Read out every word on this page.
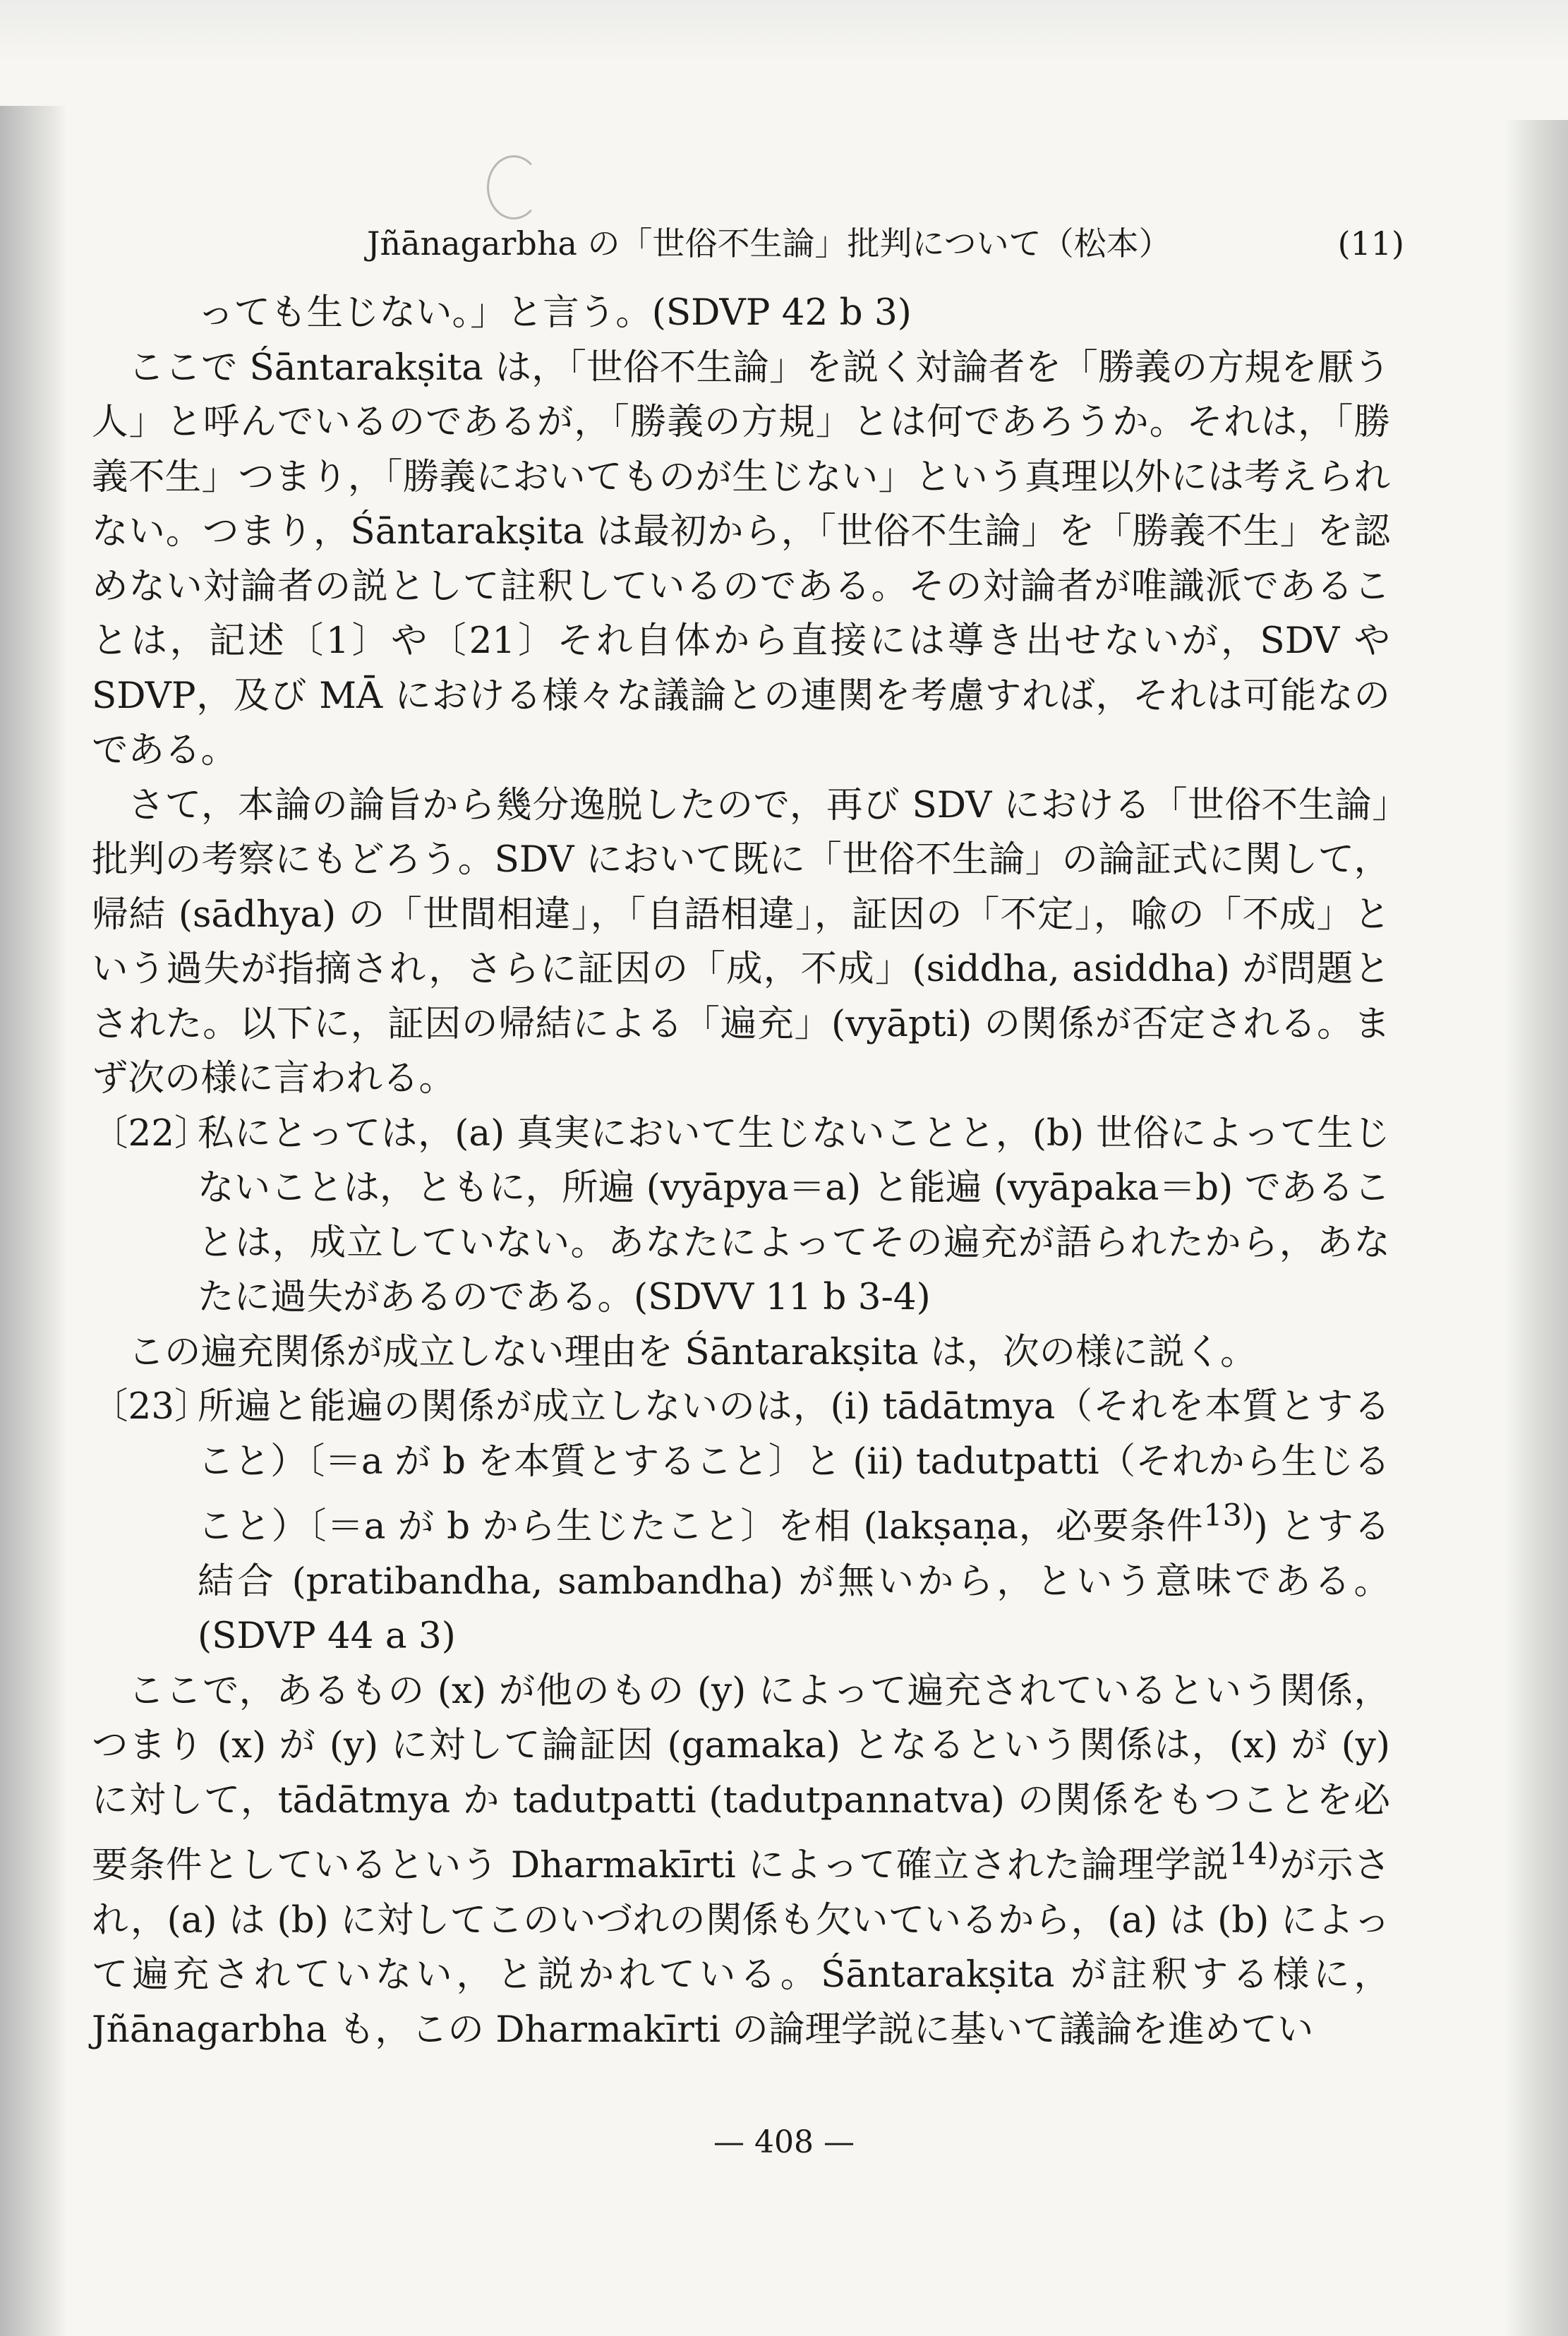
Jñānagarbha の「世俗不生論」批判について（松本）	(11)

っても生じない。」と言う。(SDVP 42 b 3)

ここで Śāntarakṣita は，「世俗不生論」を説く対論者を「勝義の方規を厭う人」と呼んでいるのであるが，「勝義の方規」とは何であろうか。それは，「勝義不生」つまり，「勝義においてものが生じない」という真理以外には考えられない。つまり，Śāntarakṣita は最初から，「世俗不生論」を「勝義不生」を認めない対論者の説として註釈しているのである。その対論者が唯識派であることは，記述〔1〕や〔21〕それ自体から直接には導き出せないが，SDV や SDVP，及び MĀ における様々な議論との連関を考慮すれば，それは可能なのである。

さて，本論の論旨から幾分逸脱したので，再び SDV における「世俗不生論」批判の考察にもどろう。SDV において既に「世俗不生論」の論証式に関して，帰結 (sādhya) の「世間相違」，「自語相違」，証因の「不定」，喩の「不成」という過失が指摘され，さらに証因の「成，不成」(siddha, asiddha) が問題とされた。以下に，証因の帰結による「遍充」(vyāpti) の関係が否定される。まず次の様に言われる。

〔22〕
私にとっては，(a) 真実において生じないことと，(b) 世俗によって生じないことは，ともに，所遍 (vyāpya＝a) と能遍 (vyāpaka＝b) であることは，成立していない。あなたによってその遍充が語られたから，あなたに過失があるのである。(SDVV 11 b 3-4)

この遍充関係が成立しない理由を Śāntarakṣita は，次の様に説く。

〔23〕
所遍と能遍の関係が成立しないのは，(i) tādātmya（それを本質とすること）〔＝a が b を本質とすること〕と (ii) tadutpatti（それから生じること）〔＝a が b から生じたこと〕を相 (lakṣaṇa，必要条件$^{13)}$) とする結合 (pratibandha, sambandha) が無いから，という意味である。(SDVP 44 a 3)

ここで，あるもの (x) が他のもの (y) によって遍充されているという関係，つまり (x) が (y) に対して論証因 (gamaka) となるという関係は，(x) が (y) に対して，tādātmya か tadutpatti (tadutpannatva) の関係をもつことを必要条件としているという Dharmakīrti によって確立された論理学説$^{14)}$が示され，(a) は (b) に対してこのいづれの関係も欠いているから，(a) は (b) によって遍充されていない，と説かれている。Śāntarakṣita が註釈する様に，Jñānagarbha も，この Dharmakīrti の論理学説に基いて議論を進めてい

— 408 —
